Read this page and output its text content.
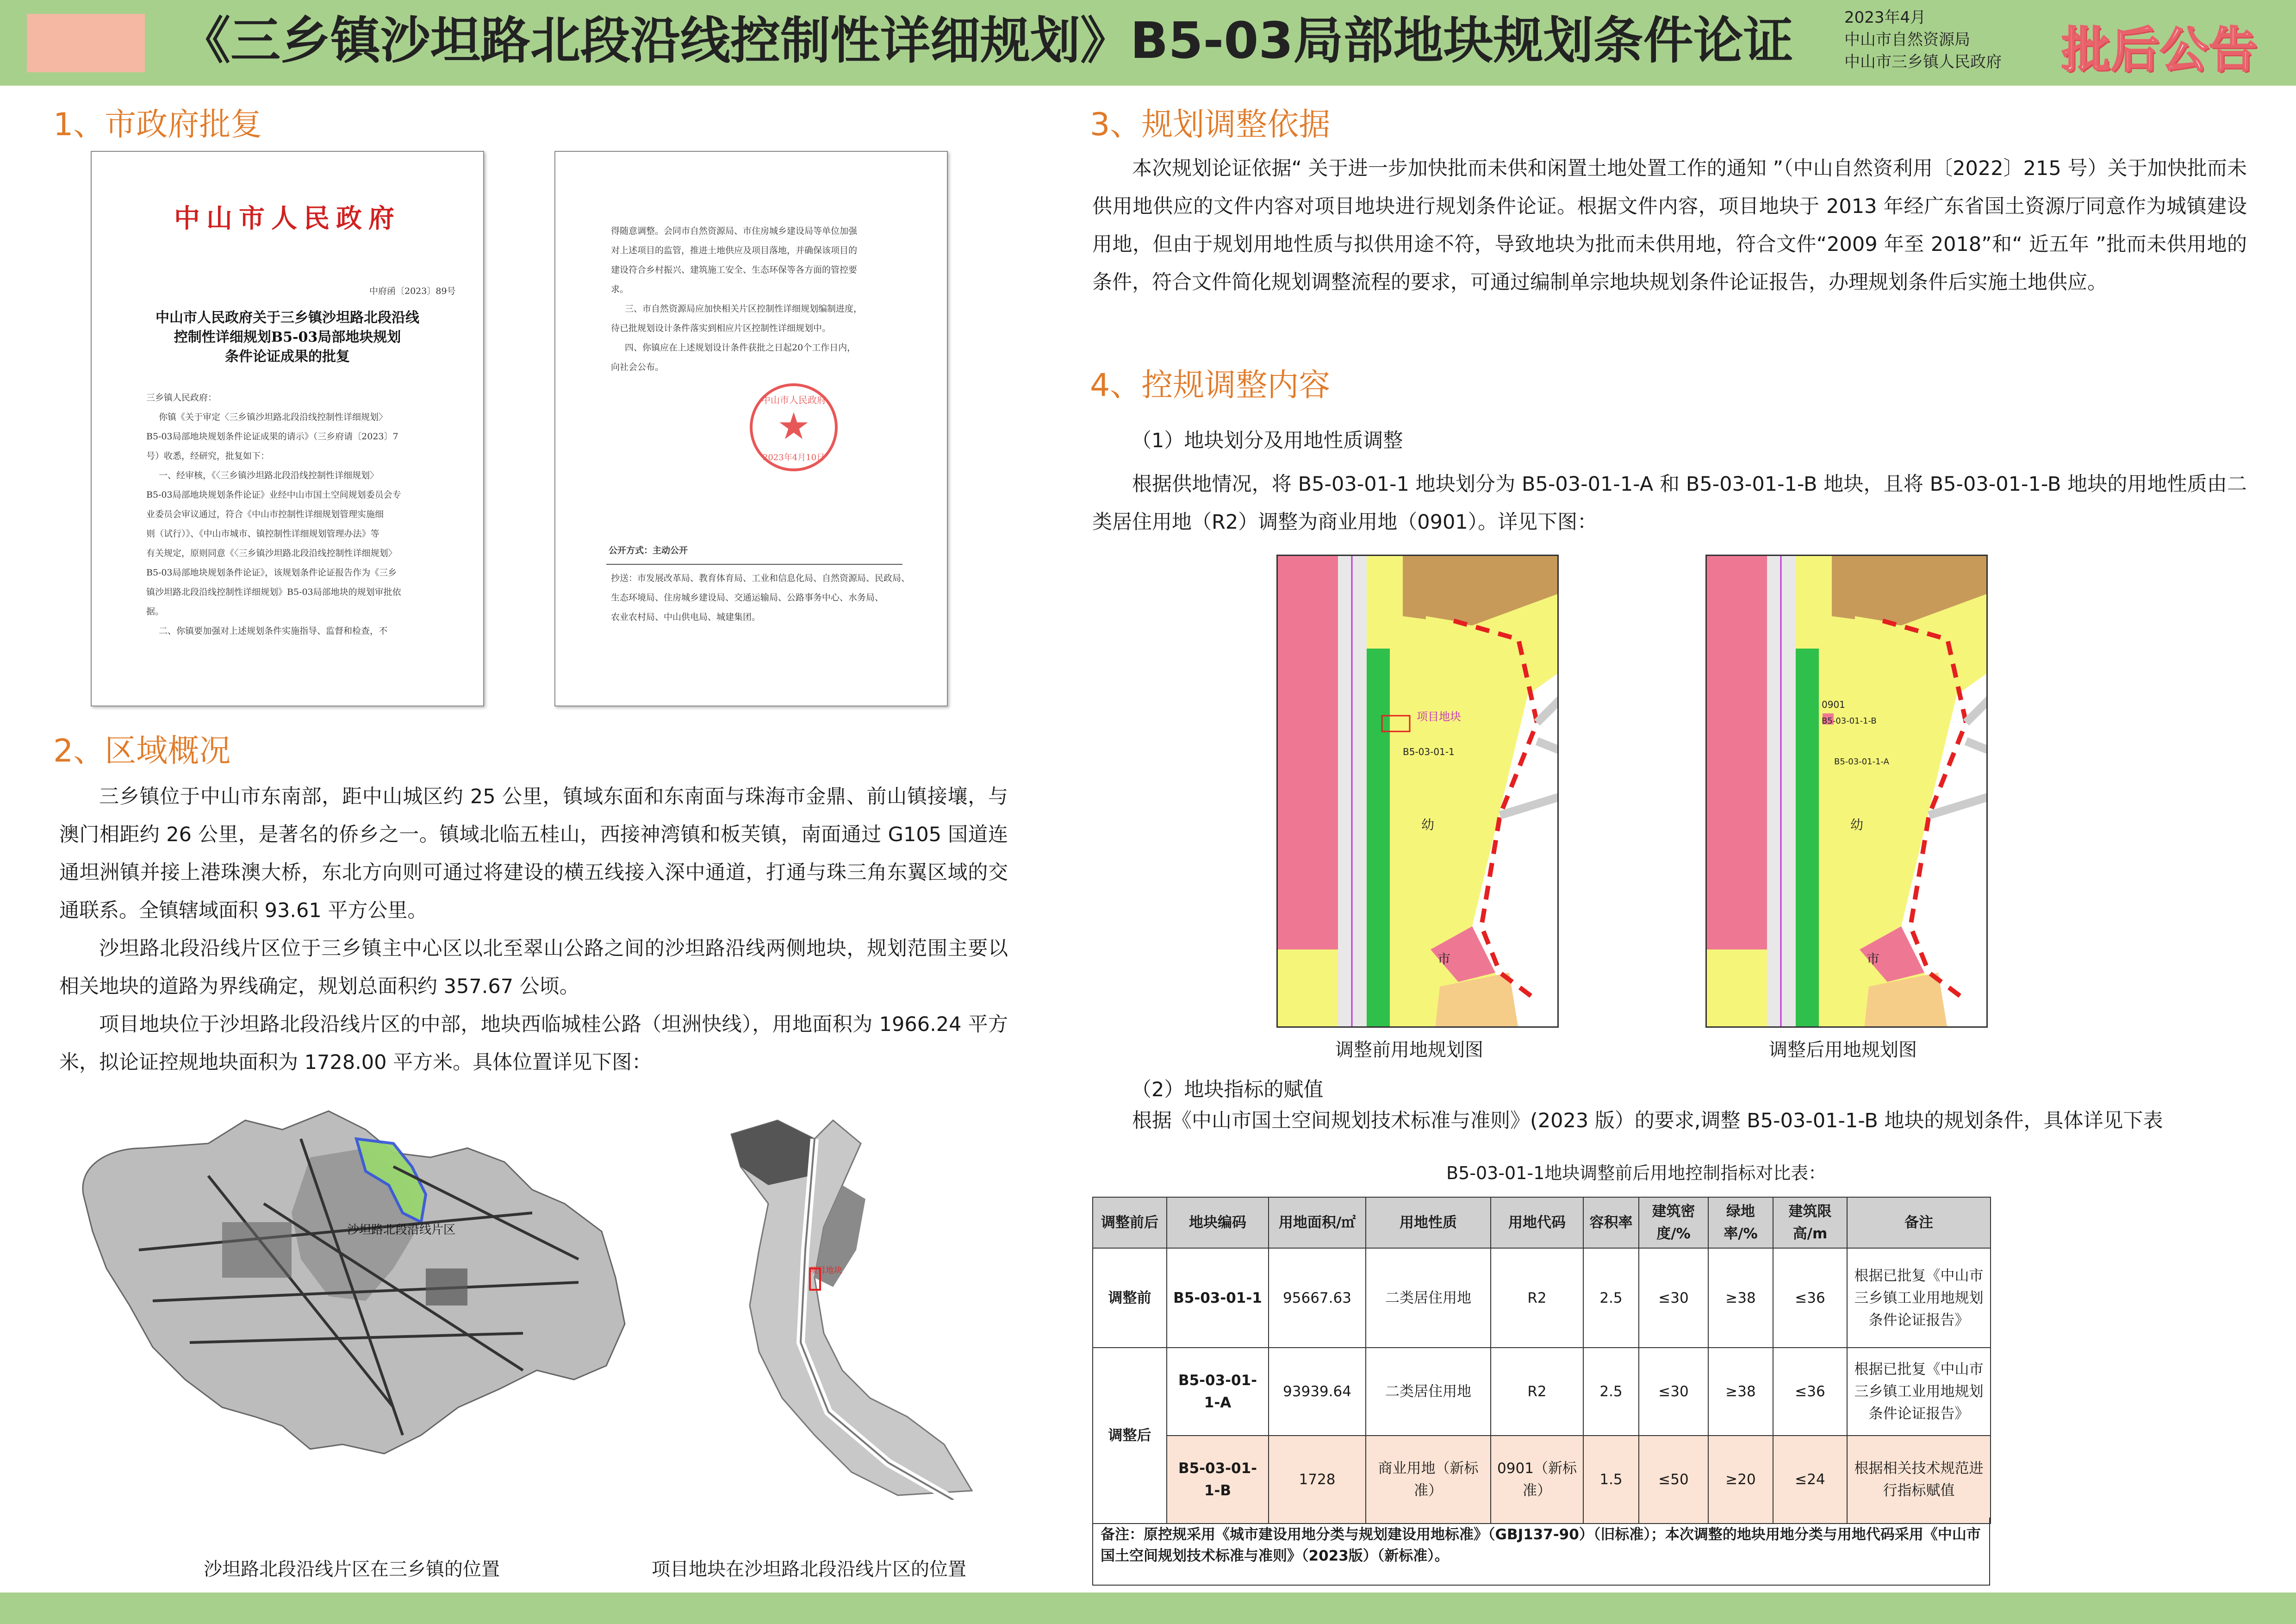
《三乡镇沙坦路北段沿线控制性详细规划》B5-03局部地块规划条件论证	2023年4月
中山市自然资源局
中山市三乡镇人民政府 批后公告
1、市政府批复
中山市人民政府
中府函〔2023〕89号
中山市人民政府关于三乡镇沙坦路北段沿线
控制性详细规划B5-03局部地块规划
条件论证成果的批复
三乡镇人民政府：
你镇《关于审定〈三乡镇沙坦路北段沿线控制性详细规划〉
B5-03局部地块规划条件论证成果的请示》（三乡府请〔2023〕7
号）收悉，经研究，批复如下：
一、经审核，《〈三乡镇沙坦路北段沿线控制性详细规划〉
B5-03局部地块规划条件论证》业经中山市国土空间规划委员会专
业委员会审议通过，符合《中山市控制性详细规划管理实施细
则（试行）》、《中山市城市、镇控制性详细规划管理办法》等
有关规定，原则同意《〈三乡镇沙坦路北段沿线控制性详细规划〉
B5-03局部地块规划条件论证》，该规划条件论证报告作为《三乡
镇沙坦路北段沿线控制性详细规划》B5-03局部地块的规划审批依
据。
二、你镇要加强对上述规划条件实施指导、监督和检查，不
得随意调整。会同市自然资源局、市住房城乡建设局等单位加强
对上述项目的监管，推进土地供应及项目落地，并确保该项目的
建设符合乡村振兴、建筑施工安全、生态环保等各方面的管控要
求。
三、市自然资源局应加快相关片区控制性详细规划编制进度，
待已批规划设计条件落实到相应片区控制性详细规划中。
四、你镇应在上述规划设计条件获批之日起20个工作日内，
向社会公布。
中山市人民政府
★
2023年4月10日
公开方式：主动公开
抄送：市发展改革局、教育体育局、工业和信息化局、自然资源局、民政局、
生态环境局、住房城乡建设局、交通运输局、公路事务中心、水务局、
农业农村局、中山供电局、城建集团。
2、区域概况

三乡镇位于中山市东南部，距中山城区约 25 公里，镇域东面和东南面与珠海市金鼎、前山镇接壤，与澳门相距约 26 公里，是著名的侨乡之一。镇域北临五桂山，西接神湾镇和板芙镇，南面通过 G105 国道连通坦洲镇并接上港珠澳大桥，东北方向则可通过将建设的横五线接入深中通道，打通与珠三角东翼区域的交通联系。全镇辖域面积 93.61 平方公里。

沙坦路北段沿线片区位于三乡镇主中心区以北至翠山公路之间的沙坦路沿线两侧地块，规划范围主要以相关地块的道路为界线确定，规划总面积约 357.67 公顷。

项目地块位于沙坦路北段沿线片区的中部，地块西临城桂公路（坦洲快线），用地面积为 1966.24 平方米，拟论证控规地块面积为 1728.00 平方米。具体位置详见下图：

沙坦路北段沿线片区
沙坦路北段沿线片区在三乡镇的位置
项目地块
项目地块在沙坦路北段沿线片区的位置
3、规划调整依据

本次规划论证依据“ 关于进一步加快批而未供和闲置土地处置工作的通知 ”（中山自然资利用〔2022〕215 号）关于加快批而未供用地供应的文件内容对项目地块进行规划条件论证。根据文件内容，项目地块于 2013 年经广东省国土资源厅同意作为城镇建设用地，但由于规划用地性质与拟供用途不符，导致地块为批而未供用地，符合文件“2009 年至 2018”和“ 近五年 ”批而未供用地的条件，符合文件简化规划调整流程的要求，可通过编制单宗地块规划条件论证报告，办理规划条件后实施土地供应。

4、控规调整内容
（1）地块划分及用地性质调整

根据供地情况，将 B5-03-01-1 地块划分为 B5-03-01-1-A 和 B5-03-01-1-B 地块，且将 B5-03-01-1-B 地块的用地性质由二类居住用地（R2）调整为商业用地（0901）。详见下图：

项目地块
B5-03-01-1
幼
市
调整前用地规划图
0901
B5-03-01-1-B
B5-03-01-1-A
幼
市
调整后用地规划图
（2）地块指标的赋值

根据《中山市国土空间规划技术标准与准则》(2023 版）的要求,调整 B5-03-01-1-B 地块的规划条件，具体详见下表

B5-03-01-1地块调整前后用地控制指标对比表：
调整前后	地块编码	用地面积/㎡	用地性质	用地代码	容积率	建筑密度/%	绿地率/%	建筑限高/m	备注
调整前	B5-03-01-1	95667.63	二类居住用地	R2	2.5	≤30	≥38	≤36	根据已批复《中山市三乡镇工业用地规划条件论证报告》
调整后	B5-03-01-1-A	93939.64	二类居住用地	R2	2.5	≤30	≥38	≤36	根据已批复《中山市三乡镇工业用地规划条件论证报告》
	B5-03-01-1-B	1728	商业用地（新标准）	0901（新标准）	1.5	≤50	≥20	≤24	根据相关技术规范进行指标赋值
备注：原控规采用《城市建设用地分类与规划建设用地标准》（GBJ137-90）（旧标准）；本次调整的地块用地分类与用地代码采用《中山市国土空间规划技术标准与准则》（2023版）（新标准）。
